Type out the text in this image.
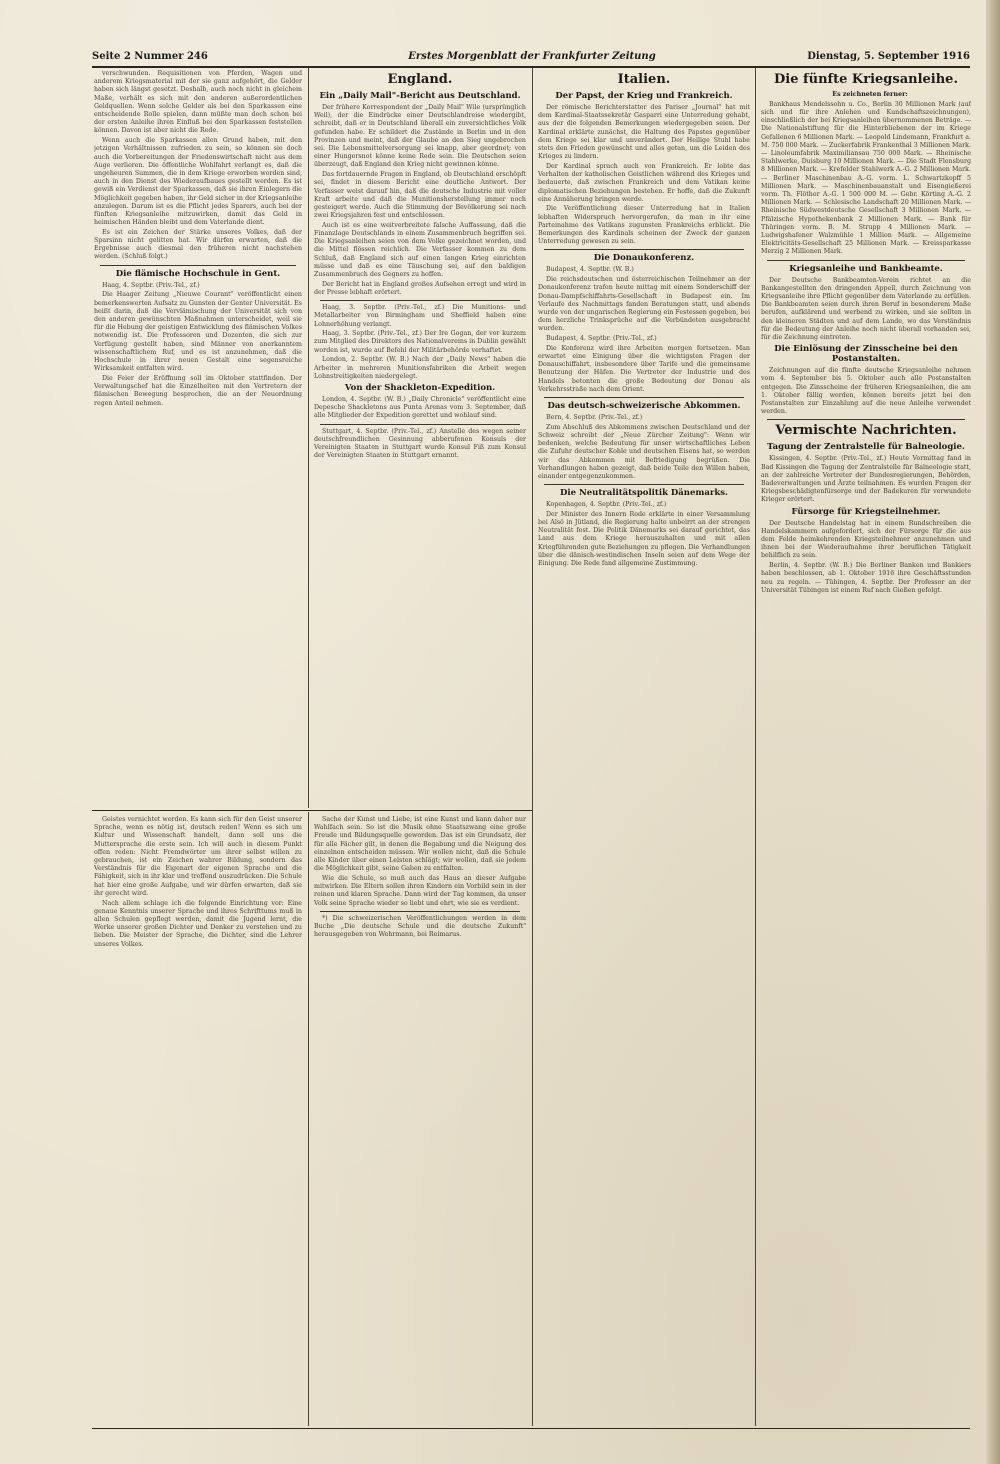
Seite 2 Nummer 246	Erstes Morgenblatt der Frankfurter Zeitung	Dienstag, 5. September 1916

verschwunden. Requisitionen von Pferden, Wagen und anderem Kriegsmaterial mit der sie ganz aufgehört, die Gelder haben sich längst gesetzt. Deshalb, auch noch nicht in gleichem Maße, verhält es sich mit den anderen außerordentlichen Geldquellen. Wenn solche Gelder als bei den Sparkassen eine entscheidende Rolle spielen, dann müßte man doch schon bei der ersten Anleihe ihren Einfluß bei den Sparkassen feststellen können. Davon ist aber nicht die Rede.

Wenn auch die Sparkassen allen Grund haben, mit den jetzigen Verhältnissen zufrieden zu sein, so können sie doch auch die Vorbereitungen der Friedenswirtschaft nicht aus dem Auge verlieren. Die öffentliche Wohlfahrt verlangt es, daß die ungeheuren Summen, die in dem Kriege erworben worden sind, auch in den Dienst des Wiederaufbaues gestellt werden. Es ist gewiß ein Verdienst der Sparkassen, daß sie ihren Einlegern die Möglichkeit gegeben haben, ihr Geld sicher in der Kriegsanleihe anzulegen. Darum ist es die Pflicht jedes Sparers, auch bei der fünften Kriegsanleihe mitzuwirken, damit das Geld in heimischen Händen bleibt und dem Vaterlande dient.

Es ist ein Zeichen der Stärke unseres Volkes, daß der Sparsinn nicht gelitten hat. Wir dürfen erwarten, daß die Ergebnisse auch diesmal den früheren nicht nachstehen werden. (Schluß folgt.)

Die flämische Hochschule in Gent.

Haag, 4. Septbr. (Priv.-Tel., zf.)

Die Haager Zeitung „Nieuwe Courant" veröffentlicht einen bemerkenswerten Aufsatz zu Gunsten der Genter Universität. Es heißt darin, daß die Vervlämischung der Universität sich von den anderen gewünschten Maßnahmen unterscheidet, weil sie für die Hebung der geistigen Entwicklung des flämischen Volkes notwendig ist. Die Professoren und Dozenten, die sich zur Verfügung gestellt haben, sind Männer von anerkanntem wissenschaftlichem Ruf, und es ist anzunehmen, daß die Hochschule in ihrer neuen Gestalt eine segensreiche Wirksamkeit entfalten wird.

Die Feier der Eröffnung soll im Oktober stattfinden. Der Verwaltungschef hat die Einzelheiten mit den Vertretern der flämischen Bewegung besprochen, die an der Neuordnung regen Anteil nehmen.

England.
Ein „Daily Mail"-Bericht aus Deutschland.

Der frühere Korrespondent der „Daily Mail" Wile (ursprünglich Weil), der die Eindrücke einer Deutschlandreise wiedergibt, schreibt, daß er in Deutschland überall ein zuversichtliches Volk gefunden habe. Er schildert die Zustände in Berlin und in den Provinzen und meint, daß der Glaube an den Sieg ungebrochen sei. Die Lebensmittelversorgung sei knapp, aber geordnet; von einer Hungersnot könne keine Rede sein. Die Deutschen seien überzeugt, daß England den Krieg nicht gewinnen könne.

Das fortdauernde Fragen in England, ob Deutschland erschöpft sei, findet in diesem Bericht eine deutliche Antwort. Der Verfasser weist darauf hin, daß die deutsche Industrie mit voller Kraft arbeite und daß die Munitionsherstellung immer noch gesteigert werde. Auch die Stimmung der Bevölkerung sei nach zwei Kriegsjahren fest und entschlossen.

Auch ist es eine weitverbreitete falsche Auffassung, daß die Finanzlage Deutschlands in einem Zusammenbruch begriffen sei. Die Kriegsanleihen seien von dem Volke gezeichnet worden, und die Mittel flössen reichlich. Die Verfasser kommen zu dem Schluß, daß England sich auf einen langen Krieg einrichten müsse und daß es eine Täuschung sei, auf den baldigen Zusammenbruch des Gegners zu hoffen.

Der Bericht hat in England großes Aufsehen erregt und wird in der Presse lebhaft erörtert.

Haag, 3. Septbr. (Priv.-Tel., zf.) Die Munitions- und Metallarbeiter von Birmingham und Sheffield haben eine Lohnerhöhung verlangt.

Haag, 3. Septbr. (Priv.-Tel., zf.) Der Ire Gogan, der vor kurzem zum Mitglied des Direktors des Nationalvereins in Dublin gewählt worden ist, wurde auf Befehl der Militärbehörde verhaftet.

London, 2. Septbr. (W. B.) Nach der „Daily News" haben die Arbeiter in mehreren Munitionsfabriken die Arbeit wegen Lohnstreitigkeiten niedergelegt.

Von der Shackleton-Expedition.

London, 4. Septbr. (W. B.) „Daily Chronicle" veröffentlicht eine Depesche Shackletons aus Punta Arenas vom 3. September, daß alle Mitglieder der Expedition gerettet und wohlauf sind.

Stuttgart, 4. Septbr. (Priv.-Tel., zf.) Anstelle des wegen seiner deutschfreundlichen Gesinnung abberufenen Konsuls der Vereinigten Staaten in Stuttgart wurde Konsul Fiß zum Konsul der Vereinigten Staaten in Stuttgart ernannt.

Italien.
Der Papst, der Krieg und Frankreich.

Der römische Berichterstatter des Pariser „Journal" hat mit dem Kardinal-Staatssekretär Gasparri eine Unterredung gehabt, aus der die folgenden Bemerkungen wiedergegeben seien. Der Kardinal erklärte zunächst, die Haltung des Papstes gegenüber dem Kriege sei klar und unverändert. Der Heilige Stuhl habe stets den Frieden gewünscht und alles getan, um die Leiden des Krieges zu lindern.

Der Kardinal sprach auch von Frankreich. Er lobte das Verhalten der katholischen Geistlichen während des Krieges und bedauerte, daß zwischen Frankreich und dem Vatikan keine diplomatischen Beziehungen bestehen. Er hoffe, daß die Zukunft eine Annäherung bringen werde.

Die Veröffentlichung dieser Unterredung hat in Italien lebhaften Widerspruch hervorgerufen, da man in ihr eine Parteinahme des Vatikans zugunsten Frankreichs erblickt. Die Bemerkungen des Kardinals scheinen der Zweck der ganzen Unterredung gewesen zu sein.

Die Donaukonferenz.

Budapest, 4. Septbr. (W. B.)

Die reichsdeutschen und österreichischen Teilnehmer an der Donaukonferenz trafen heute mittag mit einem Sonderschiff der Donau-Dampfschiffahrts-Gesellschaft in Budapest ein. Im Verlaufe des Nachmittags fanden Beratungen statt, und abends wurde von der ungarischen Regierung ein Festessen gegeben, bei dem herzliche Trinksprüche auf die Verbündeten ausgebracht wurden.

Budapest, 4. Septbr. (Priv.-Tel., zf.)

Die Konferenz wird ihre Arbeiten morgen fortsetzen. Man erwartet eine Einigung über die wichtigsten Fragen der Donauschiffahrt, insbesondere über Tarife und die gemeinsame Benutzung der Häfen. Die Vertreter der Industrie und des Handels betonten die große Bedeutung der Donau als Verkehrsstraße nach dem Orient.

Das deutsch-schweizerische Abkommen.

Bern, 4. Septbr. (Priv.-Tel., zf.)

Zum Abschluß des Abkommens zwischen Deutschland und der Schweiz schreibt der „Neue Zürcher Zeitung": Wenn wir bedenken, welche Bedeutung für unser wirtschaftliches Leben die Zufuhr deutscher Kohle und deutschen Eisens hat, so werden wir das Abkommen mit Befriedigung begrüßen. Die Verhandlungen haben gezeigt, daß beide Teile den Willen haben, einander entgegenzukommen.

Die Neutralitätspolitik Dänemarks.

Kopenhagen, 4. Septbr. (Priv.-Tel., zf.)

Der Minister des Innern Rode erklärte in einer Versammlung bei Alsö in Jütland, die Regierung halte unbeirrt an der strengen Neutralität fest. Die Politik Dänemarks sei darauf gerichtet, das Land aus dem Kriege herauszuhalten und mit allen Kriegführenden gute Beziehungen zu pflegen. Die Verhandlungen über die dänisch-westindischen Inseln seien auf dem Wege der Einigung. Die Rede fand allgemeine Zustimmung.

Die fünfte Kriegsanleihe.

Es zeichneten ferner:

Bankhaus Mendelssohn u. Co., Berlin 30 Millionen Mark (auf sich und für ihre Anlehen und Kundschaftszeichnungen), einschließlich der bei Kriegsanleihen übernommenen Beträge. — Die Nationalstiftung für die Hinterbliebenen der im Kriege Gefallenen 6 Millionen Mark. — Leopold Lindemann, Frankfurt a. M. 750 000 Mark. — Zuckerfabrik Frankenthal 3 Millionen Mark. — Linoleumfabrik Maximiliansau 750 000 Mark. — Rheinische Stahlwerke, Duisburg 10 Millionen Mark. — Die Stadt Flensburg 8 Millionen Mark. — Krefelder Stahlwerk A.-G. 2 Millionen Mark. — Berliner Maschinenbau A.-G. vorm. L. Schwartzkopff 5 Millionen Mark. — Maschinenbauanstalt und Eisengießerei vorm. Th. Flöther A.-G. 1 500 000 M. — Gebr. Körting A.-G. 2 Millionen Mark. — Schlesische Landschaft 20 Millionen Mark. — Rheinische Südwestdeutsche Gesellschaft 3 Millionen Mark. — Pfälzische Hypothekenbank 2 Millionen Mark. — Bank für Thüringen vorm. B. M. Strupp 4 Millionen Mark. — Ludwigshafener Walzmühle 1 Million Mark. — Allgemeine Elektricitäts-Gesellschaft 25 Millionen Mark. — Kreissparkasse Merzig 2 Millionen Mark.

Kriegsanleihe und Bankbeamte.

Der Deutsche Bankbeamten-Verein richtet an die Bankangestellten den dringenden Appell, durch Zeichnung von Kriegsanleihe ihre Pflicht gegenüber dem Vaterlande zu erfüllen. Die Bankbeamten seien durch ihren Beruf in besonderem Maße berufen, aufklärend und werbend zu wirken, und sie sollten in den kleineren Städten und auf dem Lande, wo das Verständnis für die Bedeutung der Anleihe noch nicht überall vorhanden sei, für die Zeichnung eintreten.

Die Einlösung der Zinsscheine bei den Postanstalten.

Zeichnungen auf die fünfte deutsche Kriegsanleihe nehmen vom 4. September bis 5. Oktober auch alle Postanstalten entgegen. Die Zinsscheine der früheren Kriegsanleihen, die am 1. Oktober fällig werden, können bereits jetzt bei den Postanstalten zur Einzahlung auf die neue Anleihe verwendet werden.

Vermischte Nachrichten.
Tagung der Zentralstelle für Balneologie.

Kissingen, 4. Septbr. (Priv.-Tel., zf.) Heute Vormittag fand in Bad Kissingen die Tagung der Zentralstelle für Balneologie statt, an der zahlreiche Vertreter der Bundesregierungen, Behörden, Badeverwaltungen und Ärzte teilnahmen. Es wurden Fragen der Kriegsbeschädigtenfürsorge und der Badekuren für verwundete Krieger erörtert.

Fürsorge für Kriegsteilnehmer.

Der Deutsche Handelstag hat in einem Rundschreiben die Handelskammern aufgefordert, sich der Fürsorge für die aus dem Felde heimkehrenden Kriegsteilnehmer anzunehmen und ihnen bei der Wiederaufnahme ihrer beruflichen Tätigkeit behilflich zu sein.

Berlin, 4. Septbr. (W. B.) Die Berliner Banken und Bankiers haben beschlossen, ab 1. Oktober 1916 ihre Geschäftsstunden neu zu regeln. — Tübingen, 4. Septbr. Der Professor an der Universität Tübingen ist einem Ruf nach Gießen gefolgt.

Geistes vernichtet werden. Es kann sich für den Geist unserer Sprache, wenn es nötig ist, deutsch reden! Wenn es sich um Kultur und Wissenschaft handelt, dann soll uns die Muttersprache die erste sein. Ich will auch in diesem Punkt offen reden: Nicht Fremdwörter um ihrer selbst willen zu gebrauchen, ist ein Zeichen wahrer Bildung, sondern das Verständnis für die Eigenart der eigenen Sprache und die Fähigkeit, sich in ihr klar und treffend auszudrücken. Die Schule hat hier eine große Aufgabe, und wir dürfen erwarten, daß sie ihr gerecht wird.

Nach allem schlage ich die folgende Einrichtung vor: Eine genaue Kenntnis unserer Sprache und ihres Schrifttums muß in allen Schulen gepflegt werden, damit die Jugend lernt, die Werke unserer großen Dichter und Denker zu verstehen und zu lieben. Die Meister der Sprache, die Dichter, sind die Lehrer unseres Volkes.

Sache der Kunst und Liebe, ist eine Kunst und kann daher nur Wahlfach sein. So ist die Musik ohne Staatszwang eine große Freude und Bildungsquelle geworden. Das ist ein Grundsatz, der für alle Fächer gilt, in denen die Begabung und die Neigung des einzelnen entscheiden müssen. Wir wollen nicht, daß die Schule alle Kinder über einen Leisten schlägt; wir wollen, daß sie jedem die Möglichkeit gibt, seine Gaben zu entfalten.

Wie die Schule, so muß auch das Haus an dieser Aufgabe mitwirken. Die Eltern sollen ihren Kindern ein Vorbild sein in der reinen und klaren Sprache. Dann wird der Tag kommen, da unser Volk seine Sprache wieder so liebt und ehrt, wie sie es verdient.

*) Die schweizerischen Veröffentlichungen werden in dem Buche „Die deutsche Schule und die deutsche Zukunft" herausgegeben von Wehrmann, bei Reimarus.
